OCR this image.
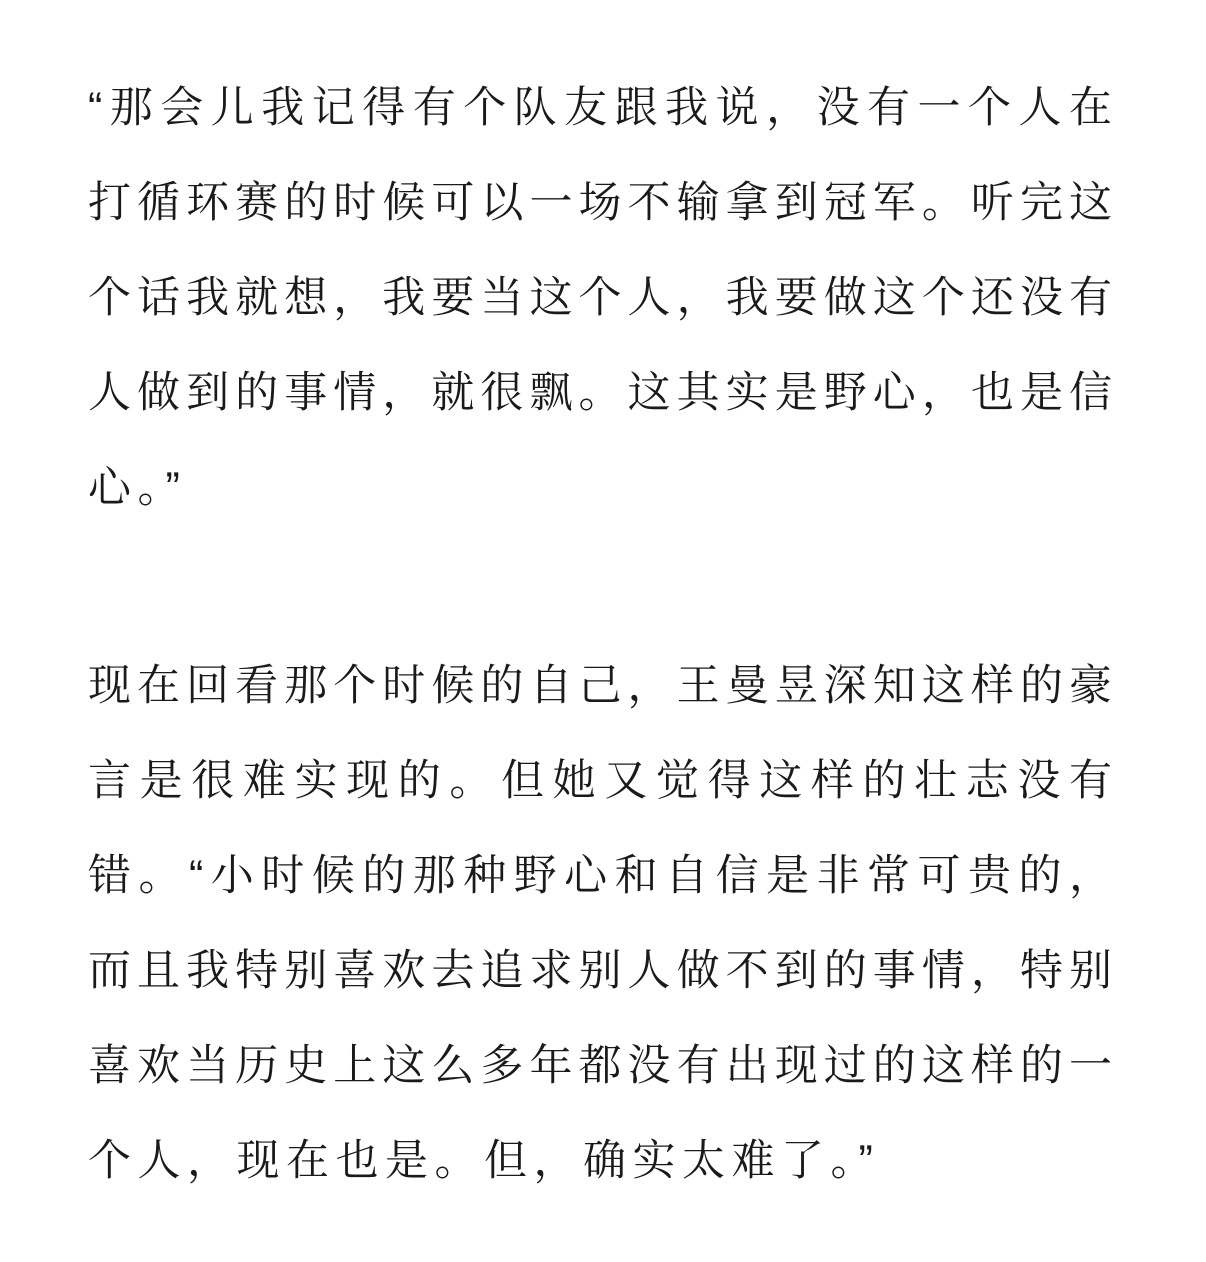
“那会儿我记得有个队友跟我说，没有一个人在
打循环赛的时候可以一场不输拿到冠军。听完这
个话我就想，我要当这个人，我要做这个还没有
人做到的事情，就很飘。这其实是野心，也是信
心。”

现在回看那个时候的自己，王曼昱深知这样的豪
言是很难实现的。但她又觉得这样的壮志没有
错。“小时候的那种野心和自信是非常可贵的，
而且我特别喜欢去追求别人做不到的事情，特别
喜欢当历史上这么多年都没有出现过的这样的一
个人，现在也是。但，确实太难了。”
